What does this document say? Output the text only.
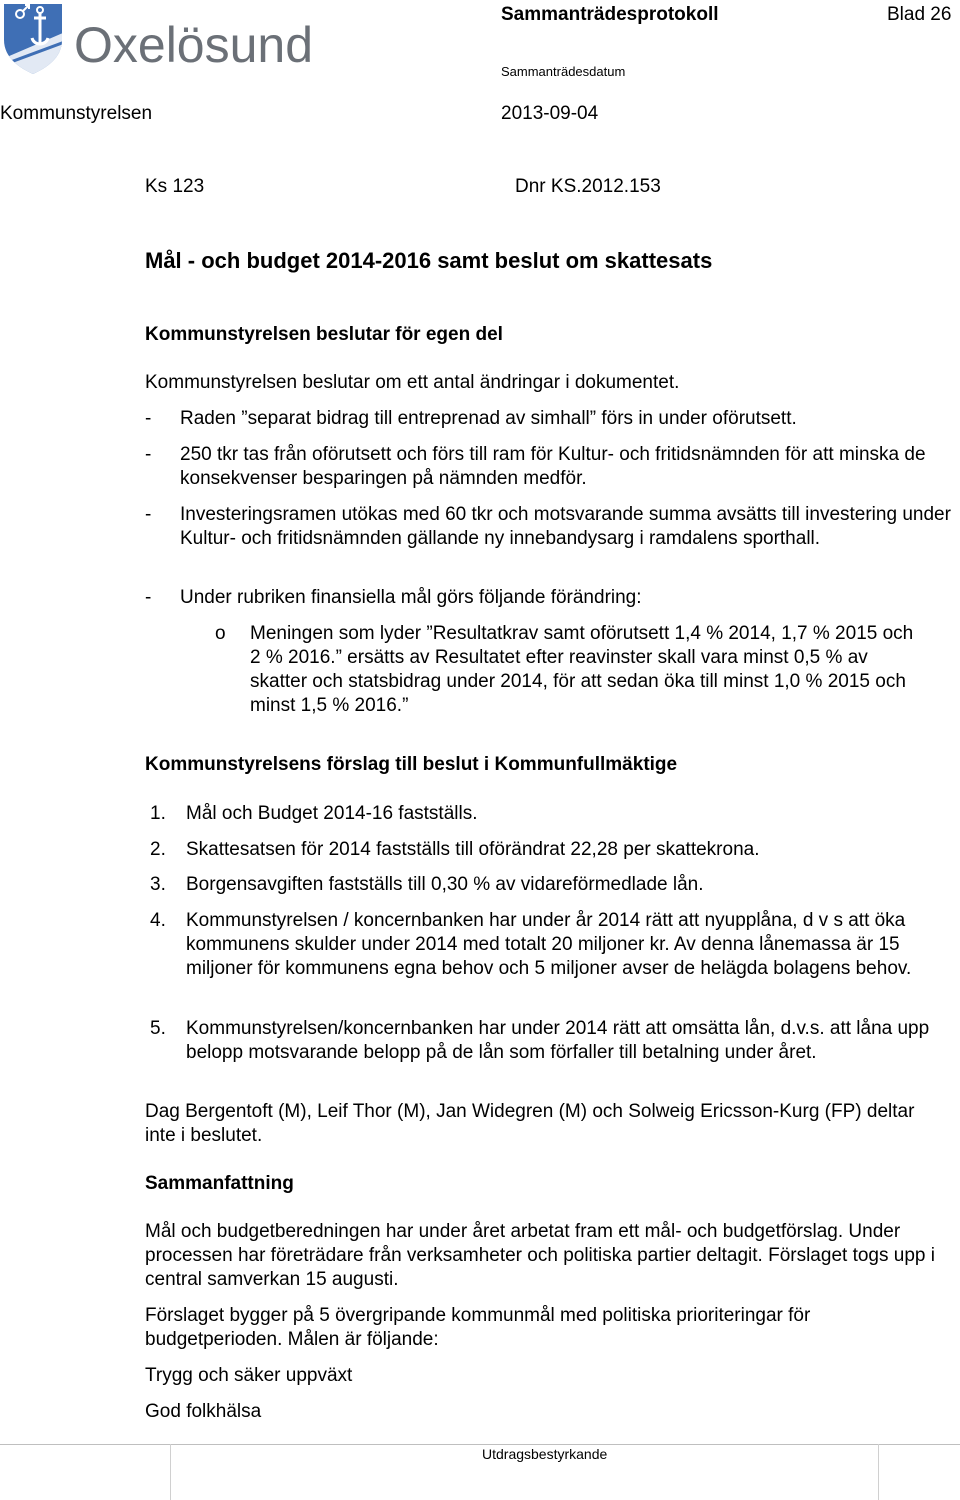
Oxelösund
Sammanträdesprotokoll	Blad 26
Sammanträdesdatum
Kommunstyrelsen	2013-09-04
Ks 123	Dnr KS.2012.153
Mål - och budget 2014-2016 samt beslut om skattesats
Kommunstyrelsen beslutar för egen del
Kommunstyrelsen beslutar om ett antal ändringar i dokumentet.
- Raden ”separat bidrag till entreprenad av simhall” förs in under oförutsett.
- 250 tkr tas från oförutsett och förs till ram för Kultur- och fritidsnämnden för att minska de konsekvenser besparingen på nämnden medför.
- Investeringsramen utökas med 60 tkr och motsvarande summa avsätts till investering under Kultur- och fritidsnämnden gällande ny innebandysarg i ramdalens sporthall.
- Under rubriken finansiella mål görs följande förändring:
o Meningen som lyder ”Resultatkrav samt oförutsett 1,4 % 2014, 1,7 % 2015 och 2 % 2016.” ersätts av Resultatet efter reavinster skall vara minst 0,5 % av skatter och statsbidrag under 2014, för att sedan öka till minst 1,0 % 2015 och minst 1,5 % 2016.”
Kommunstyrelsens förslag till beslut i Kommunfullmäktige
1. Mål och Budget 2014-16 fastställs.
2. Skattesatsen för 2014 fastställs till oförändrat 22,28 per skattekrona.
3. Borgensavgiften fastställs till 0,30 % av vidareförmedlade lån.
4. Kommunstyrelsen / koncernbanken har under år 2014 rätt att nyupplåna, d v s att öka kommunens skulder under 2014 med totalt 20 miljoner kr. Av denna lånemassa är 15 miljoner för kommunens egna behov och 5 miljoner avser de helägda bolagens behov.
5. Kommunstyrelsen/koncernbanken har under 2014 rätt att omsätta lån, d.v.s. att låna upp belopp motsvarande belopp på de lån som förfaller till betalning under året.
Dag Bergentoft (M), Leif Thor (M), Jan Widegren (M) och Solweig Ericsson-Kurg (FP) deltar inte i beslutet.
Sammanfattning
Mål och budgetberedningen har under året arbetat fram ett mål- och budgetförslag. Under processen har företrädare från verksamheter och politiska partier deltagit. Förslaget togs upp i central samverkan 15 augusti.
Förslaget bygger på 5 övergripande kommunmål med politiska prioriteringar för budgetperioden. Målen är följande:
Trygg och säker uppväxt
God folkhälsa
Utdragsbestyrkande
